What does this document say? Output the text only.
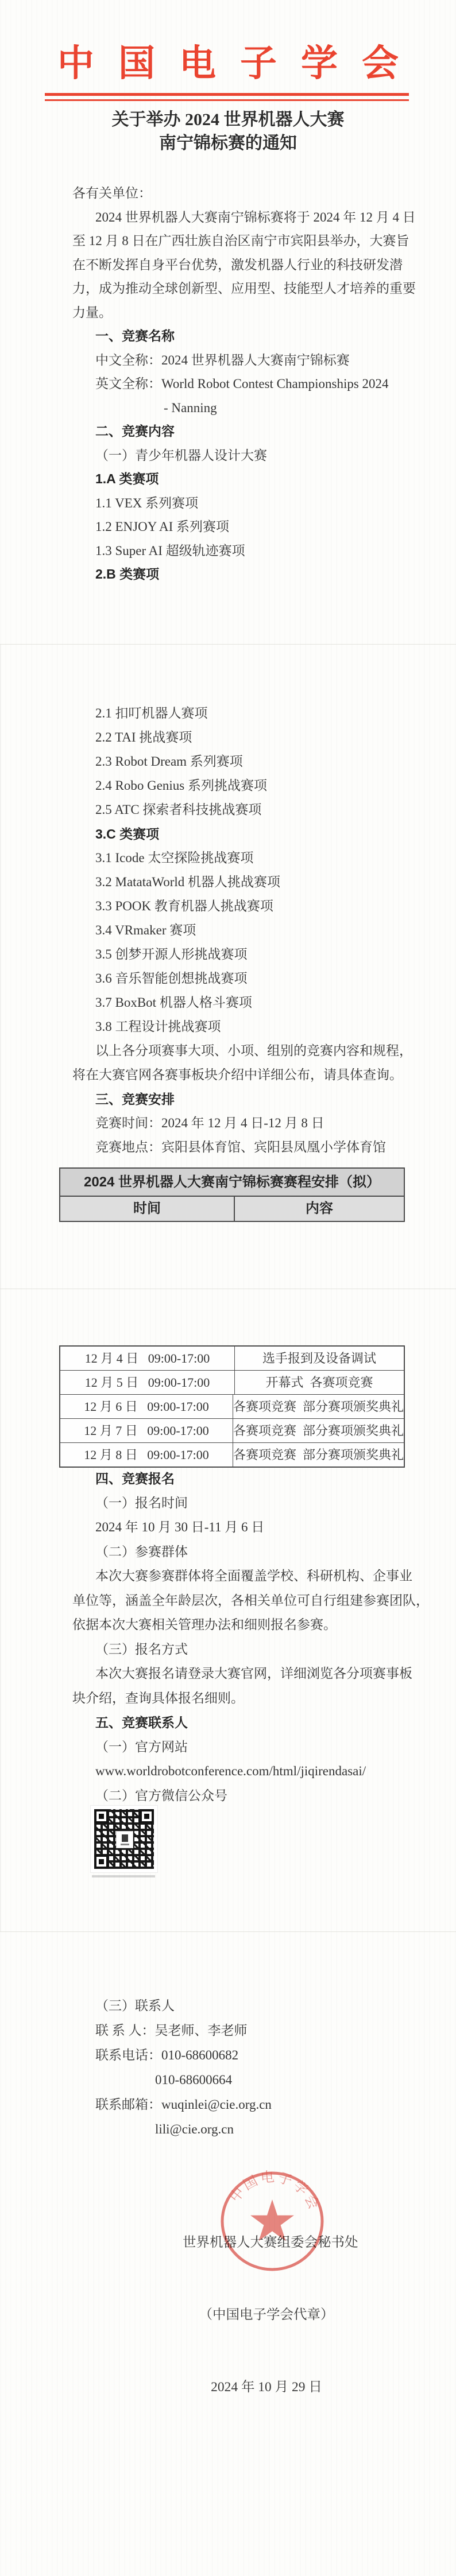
中国电子学会
关于举办 2024 世界机器人大赛
南宁锦标赛的通知
各有关单位：
2024 世界机器人大赛南宁锦标赛将于 2024 年 12 月 4 日
至 12 月 8 日在广西壮族自治区南宁市宾阳县举办，大赛旨
在不断发挥自身平台优势，激发机器人行业的科技研发潜
力，成为推动全球创新型、应用型、技能型人才培养的重要
力量。
一、竞赛名称
中文全称：2024 世界机器人大赛南宁锦标赛
英文全称：World Robot Contest Championships 2024
- Nanning
二、竞赛内容
（一）青少年机器人设计大赛
1.A 类赛项
1.1 VEX 系列赛项
1.2 ENJOY AI 系列赛项
1.3 Super AI 超级轨迹赛项
2.B 类赛项
2.1 扣叮机器人赛项
2.2 TAI 挑战赛项
2.3 Robot Dream 系列赛项
2.4 Robo Genius 系列挑战赛项
2.5 ATC 探索者科技挑战赛项
3.C 类赛项
3.1 Icode 太空探险挑战赛项
3.2 MatataWorld 机器人挑战赛项
3.3 POOK 教育机器人挑战赛项
3.4 VRmaker 赛项
3.5 创梦开源人形挑战赛项
3.6 音乐智能创想挑战赛项
3.7 BoxBot 机器人格斗赛项
3.8 工程设计挑战赛项
以上各分项赛事大项、小项、组别的竞赛内容和规程，
将在大赛官网各赛事板块介绍中详细公布，请具体查询。
三、竞赛安排
竞赛时间：2024 年 12 月 4 日-12 月 8 日
竞赛地点：宾阳县体育馆、宾阳县凤凰小学体育馆
2024 世界机器人大赛南宁锦标赛赛程安排（拟）
时间	内容
12 月 4 日   09:00-17:00	选手报到及设备调试
12 月 5 日   09:00-17:00	开幕式  各赛项竞赛
12 月 6 日   09:00-17:00	各赛项竞赛  部分赛项颁奖典礼
12 月 7 日   09:00-17:00	各赛项竞赛  部分赛项颁奖典礼
12 月 8 日   09:00-17:00	各赛项竞赛  部分赛项颁奖典礼
四、竞赛报名
（一）报名时间
2024 年 10 月 30 日-11 月 6 日
（二）参赛群体
本次大赛参赛群体将全面覆盖学校、科研机构、企事业
单位等，涵盖全年龄层次，各相关单位可自行组建参赛团队，
依据本次大赛相关管理办法和细则报名参赛。
（三）报名方式
本次大赛报名请登录大赛官网，详细浏览各分项赛事板
块介绍，查询具体报名细则。
五、竞赛联系人
（一）官方网站
www.worldrobotconference.com/html/jiqirendasai/
（二）官方微信公众号
（三）联系人
联 系 人：吴老师、李老师
联系电话：010-68600682
010-68600664
联系邮箱：wuqinlei@cie.org.cn
lili@cie.org.cn

世界机器人大赛组委会秘书处

（中国电子学会代章）

2024 年 10 月 29 日

中国电子学会
